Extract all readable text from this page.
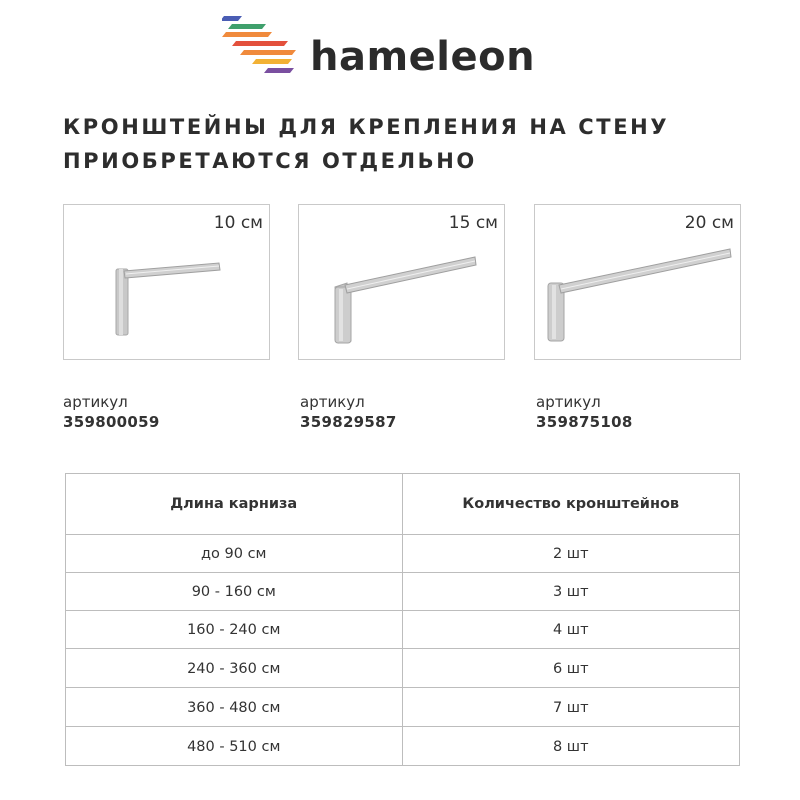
hameleon
КРОНШТЕЙНЫ ДЛЯ КРЕПЛЕНИЯ НА СТЕНУ
ПРИОБРЕТАЮТСЯ ОТДЕЛЬНО
10 см	15 см	20 см
артикул
359800059
артикул
359829587
артикул
359875108
Длина карниза	Количество кронштейнов
до 90 см	2 шт
90 - 160 см	3 шт
160 - 240 см	4 шт
240 - 360 см	6 шт
360 - 480 см	7 шт
480 - 510 см	8 шт
